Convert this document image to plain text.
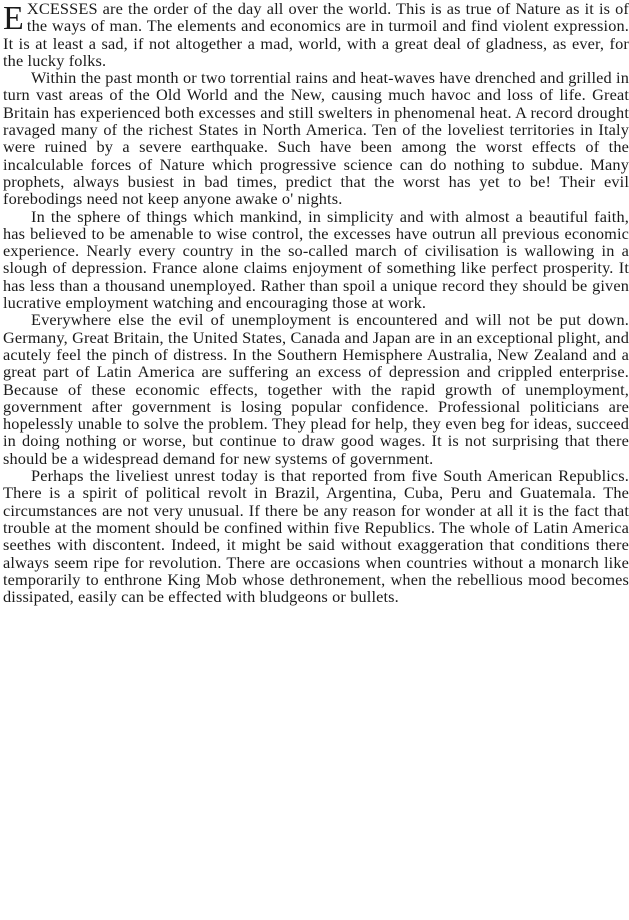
EXCESSES are the order of the day all over the world. This is as true of Nature as it is of the ways of man. The elements and economics are in turmoil and find violent expression. It is at least a sad, if not altogether a mad, world, with a great deal of gladness, as ever, for the lucky folks.

Within the past month or two torrential rains and heat-waves have drenched and grilled in turn vast areas of the Old World and the New, causing much havoc and loss of life. Great Britain has experienced both excesses and still swelters in phenomenal heat. A record drought ravaged many of the richest States in North America. Ten of the loveliest territories in Italy were ruined by a severe earthquake. Such have been among the worst effects of the incalculable forces of Nature which progressive science can do nothing to subdue. Many prophets, always busiest in bad times, predict that the worst has yet to be! Their evil forebodings need not keep anyone awake o' nights.

In the sphere of things which mankind, in simplicity and with almost a beautiful faith, has believed to be amenable to wise control, the excesses have outrun all previous economic experience. Nearly every country in the so-called march of civilisation is wallowing in a slough of depression. France alone claims enjoyment of something like perfect prosperity. It has less than a thousand unemployed. Rather than spoil a unique record they should be given lucrative employment watching and encouraging those at work.

Everywhere else the evil of unemployment is encountered and will not be put down. Germany, Great Britain, the United States, Canada and Japan are in an exceptional plight, and acutely feel the pinch of distress. In the Southern Hemisphere Australia, New Zealand and a great part of Latin America are suffering an excess of depression and crippled enterprise. Because of these economic effects, together with the rapid growth of unemployment, government after government is losing popular confidence. Professional politicians are hopelessly unable to solve the problem. They plead for help, they even beg for ideas, succeed in doing nothing or worse, but continue to draw good wages. It is not surprising that there should be a widespread demand for new systems of government.

Perhaps the liveliest unrest today is that reported from five South American Republics. There is a spirit of political revolt in Brazil, Argentina, Cuba, Peru and Guatemala. The circumstances are not very unusual. If there be any reason for wonder at all it is the fact that trouble at the moment should be confined within five Republics. The whole of Latin America seethes with discontent. Indeed, it might be said without exaggeration that conditions there always seem ripe for revolution. There are occasions when countries without a monarch like temporarily to enthrone King Mob whose dethronement, when the rebellious mood becomes dissipated, easily can be effected with bludgeons or bullets.
